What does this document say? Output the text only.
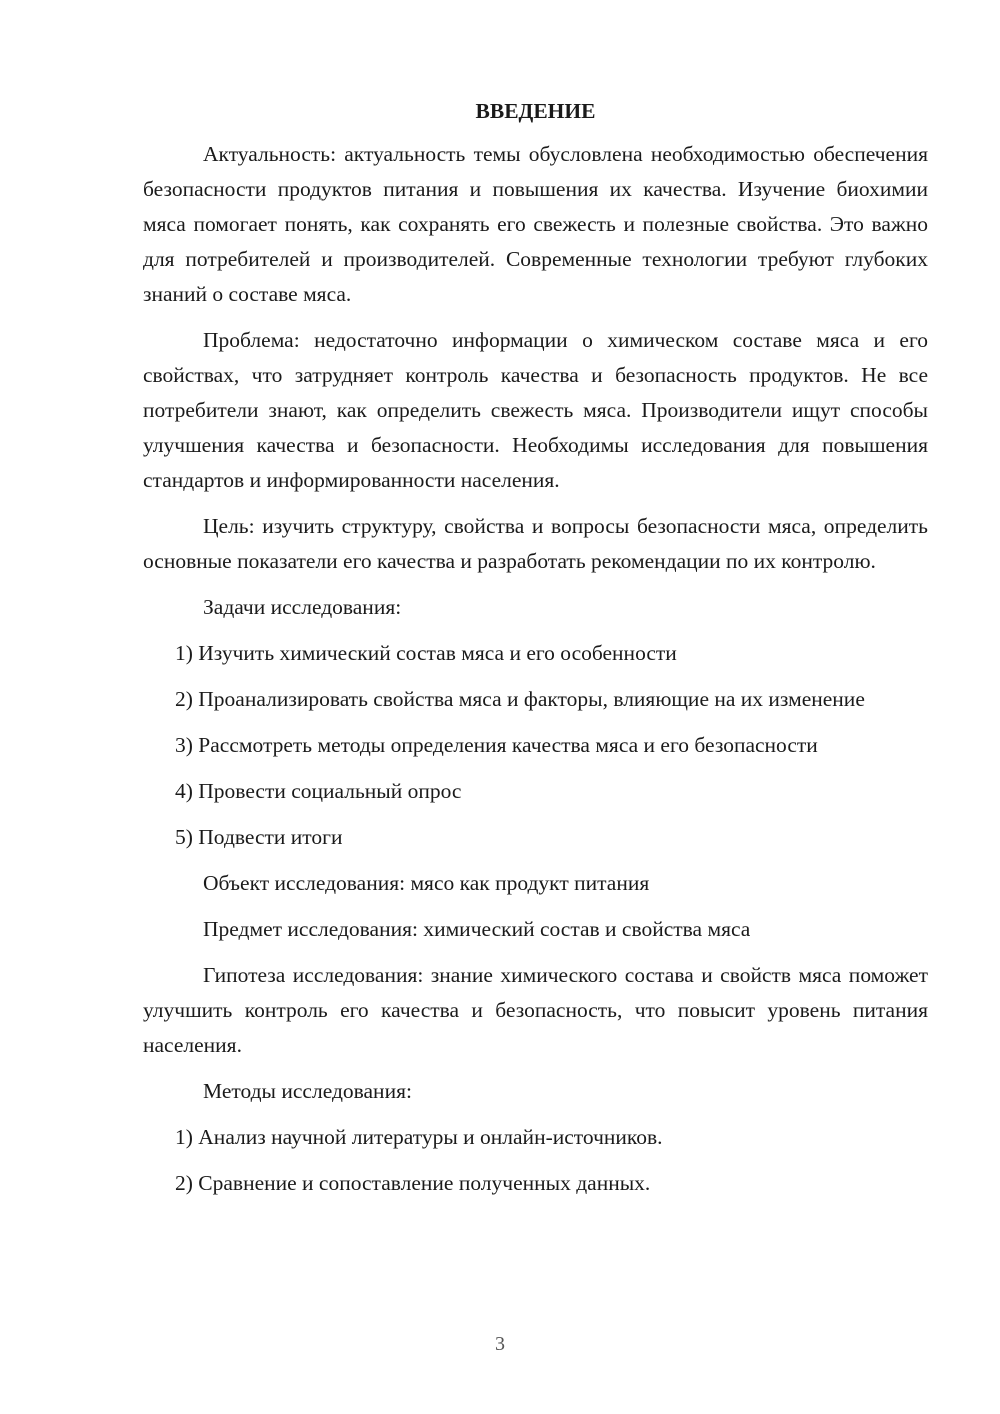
ВВЕДЕНИЕ
Актуальность: актуальность темы обусловлена необходимостью обеспечения безопасности продуктов питания и повышения их качества. Изучение биохимии мяса помогает понять, как сохранять его свежесть и полезные свойства. Это важно для потребителей и производителей. Современные технологии требуют глубоких знаний о составе мяса.
Проблема: недостаточно информации о химическом составе мяса и его свойствах, что затрудняет контроль качества и безопасность продуктов. Не все потребители знают, как определить свежесть мяса. Производители ищут способы улучшения качества и безопасности. Необходимы исследования для повышения стандартов и информированности населения.
Цель: изучить структуру, свойства и вопросы безопасности мяса, определить основные показатели его качества и разработать рекомендации по их контролю.
Задачи исследования:
1) Изучить химический состав мяса и его особенности
2) Проанализировать свойства мяса и факторы, влияющие на их изменение
3) Рассмотреть методы определения качества мяса и его безопасности
4) Провести социальный опрос
5) Подвести итоги
Объект исследования: мясо как продукт питания
Предмет исследования: химический состав и свойства мяса
Гипотеза исследования: знание химического состава и свойств мяса поможет улучшить контроль его качества и безопасность, что повысит уровень питания населения.
Методы исследования:
1) Анализ научной литературы и онлайн-источников.
2) Сравнение и сопоставление полученных данных.
3
